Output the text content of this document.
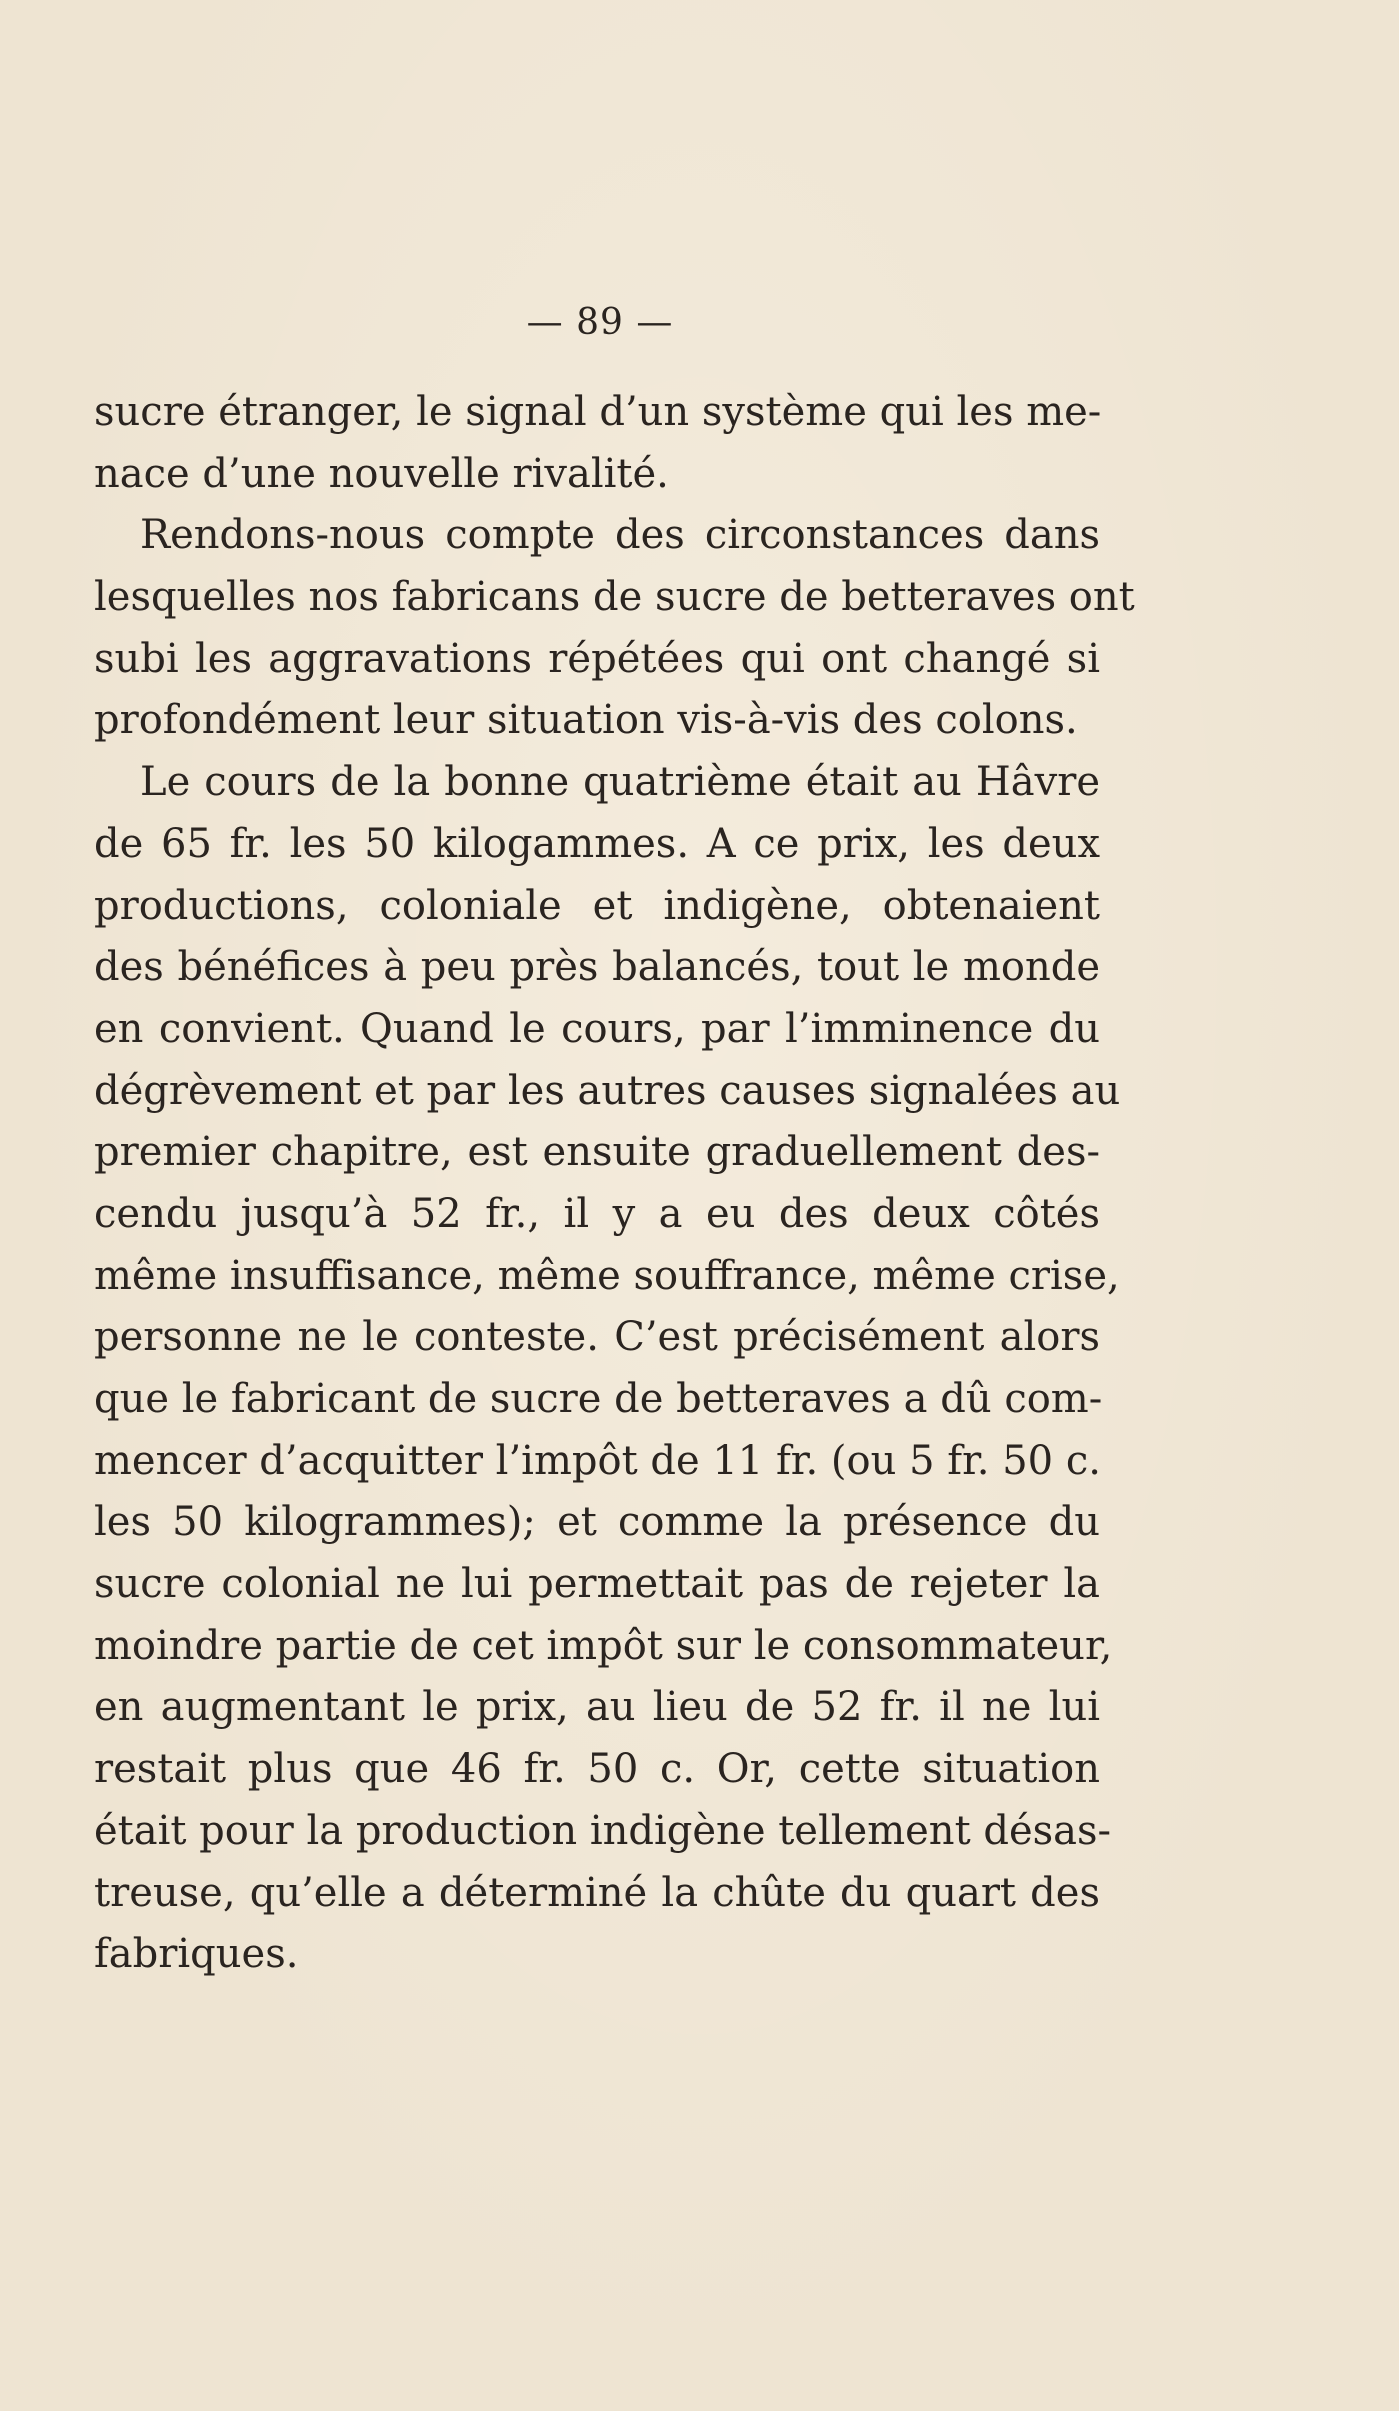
— 89 —
sucre étranger, le signal d’un système qui les me-
nace d’une nouvelle rivalité.
Rendons-nous compte des circonstances dans
lesquelles nos fabricans de sucre de betteraves ont
subi les aggravations répétées qui ont changé si
profondément leur situation vis-à-vis des colons.
Le cours de la bonne quatrième était au Hâvre
de 65 fr. les 50 kilogammes. A ce prix, les deux
productions, coloniale et indigène, obtenaient
des bénéfices à peu près balancés, tout le monde
en convient. Quand le cours, par l’imminence du
dégrèvement et par les autres causes signalées au
premier chapitre, est ensuite graduellement des-
cendu jusqu’à 52 fr., il y a eu des deux côtés
même insuffisance, même souffrance, même crise,
personne ne le conteste. C’est précisément alors
que le fabricant de sucre de betteraves a dû com-
mencer d’acquitter l’impôt de 11 fr. (ou 5 fr. 50 c.
les 50 kilogrammes); et comme la présence du
sucre colonial ne lui permettait pas de rejeter la
moindre partie de cet impôt sur le consommateur,
en augmentant le prix, au lieu de 52 fr. il ne lui
restait plus que 46 fr. 50 c. Or, cette situation
était pour la production indigène tellement désas-
treuse, qu’elle a déterminé la chûte du quart des
fabriques.
